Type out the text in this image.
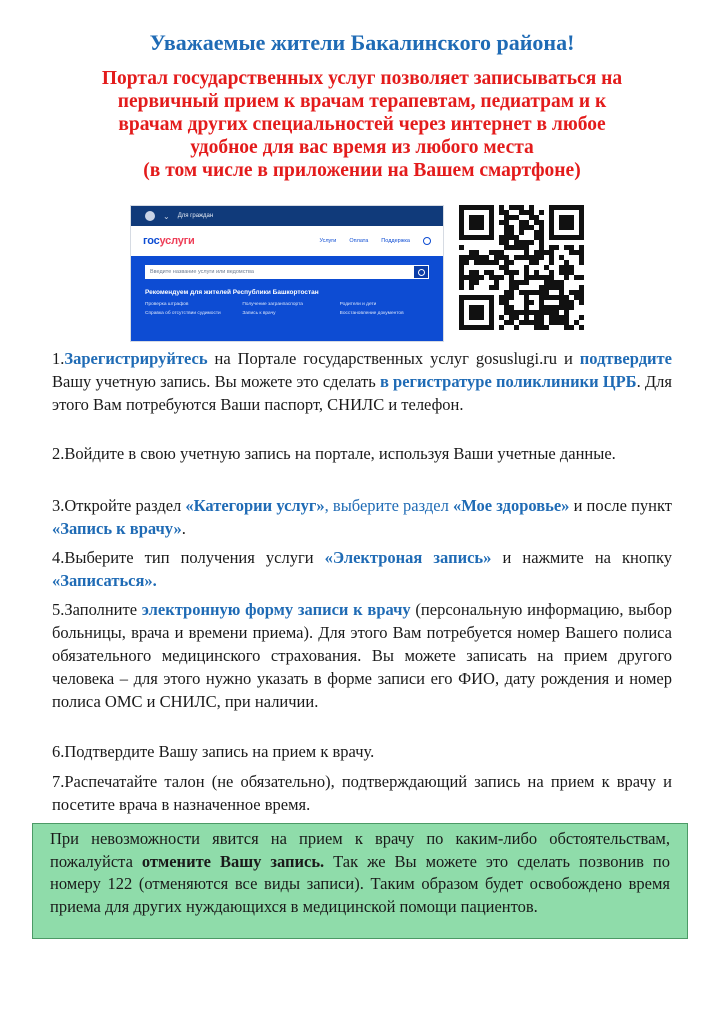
Уважаемые жители Бакалинского района!
Портал государственных услуг позволяет записываться на
первичный прием к врачам терапевтам, педиатрам и к
врачам других специальностей через интернет в любое
удобное для вас время из любого места
(в том числе в приложении на Вашем смартфоне)
⌄ Для граждан
госуслуги	Услуги Оплата Поддержка
Введите название услуги или ведомства
Рекомендуем для жителей Республики Башкортостан
Проверка штрафов	Получение загранпаспорта	Родители и дети
Справка об отсутствии судимости	Запись к врачу	Восстановление документов
1.Зарегистрируйтесь на Портале государственных услуг gosuslugi.ru и подтвердите Вашу учетную запись. Вы можете это сделать в регистратуре поликлиники ЦРБ. Для этого Вам потребуются Ваши паспорт, СНИЛС и телефон.
2.Войдите в свою учетную запись на портале, используя Ваши учетные данные.
3.Откройте раздел «Категории услуг», выберите раздел «Мое здоровье» и после пункт «Запись к врачу».
4.Выберите тип получения услуги «Электроная запись» и нажмите на кнопку «Записаться».
5.Заполните электронную форму записи к врачу (персональную информацию, выбор больницы, врача и времени приема). Для этого Вам потребуется номер Вашего полиса обязательного медицинского страхования. Вы можете записать на прием другого человека – для этого нужно указать в форме записи его ФИО, дату рождения и номер полиса ОМС и СНИЛС, при наличии.
6.Подтвердите Вашу запись на прием к врачу.
7.Распечатайте талон (не обязательно), подтверждающий запись на прием к врачу и посетите врача в назначенное время.
При невозможности явится на прием к врачу по каким-либо обстоятельствам, пожалуйста отмените Вашу запись. Так же Вы можете это сделать позвонив по номеру 122 (отменяются все виды записи). Таким образом будет освобождено время приема для других нуждающихся в медицинской помощи пациентов.
